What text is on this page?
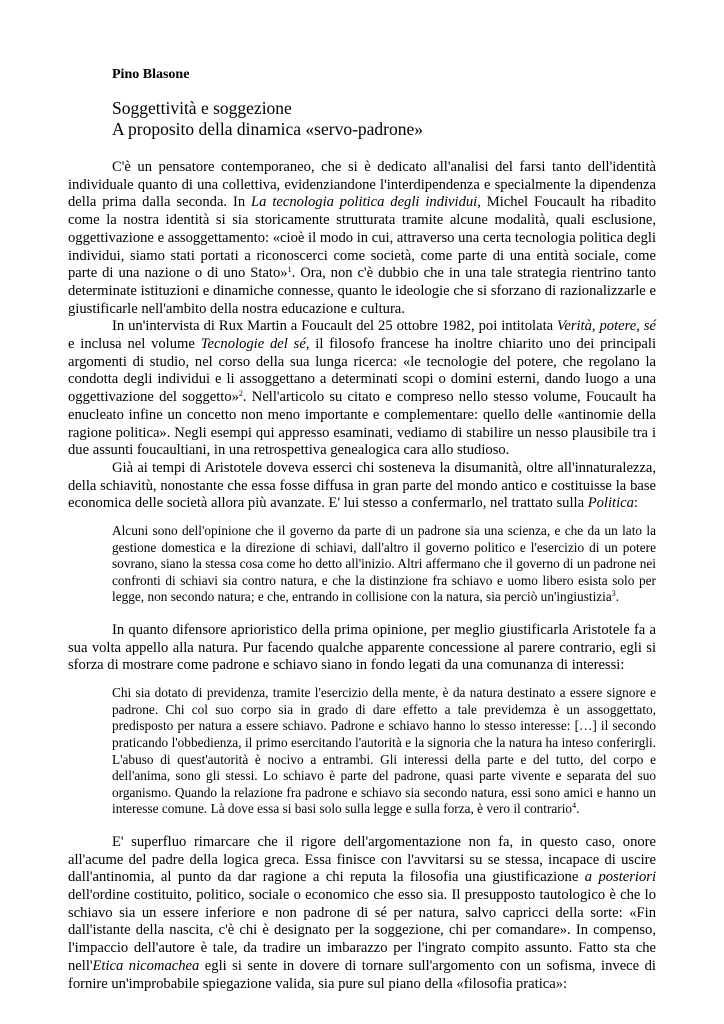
Pino Blasone
Soggettività e soggezione
A proposito della dinamica «servo-padrone»

C'è un pensatore contemporaneo, che si è dedicato all'analisi del farsi tanto dell'identità individuale quanto di una collettiva, evidenziandone l'interdipendenza e specialmente la dipendenza della prima dalla seconda. In La tecnologia politica degli individui, Michel Foucault ha ribadito come la nostra identità si sia storicamente strutturata tramite alcune modalità, quali esclusione, oggettivazione e assoggettamento: «cioè il modo in cui, attraverso una certa tecnologia politica degli individui, siamo stati portati a riconoscerci come società, come parte di una entità sociale, come parte di una nazione o di uno Stato»$^1$. Ora, non c'è dubbio che in una tale strategia rientrino tanto determinate istituzioni e dinamiche connesse, quanto le ideologie che si sforzano di razionalizzarle e giustificarle nell'ambito della nostra educazione e cultura.

In un'intervista di Rux Martin a Foucault del 25 ottobre 1982, poi intitolata Verità, potere, sé e inclusa nel volume Tecnologie del sé, il filosofo francese ha inoltre chiarito uno dei principali argomenti di studio, nel corso della sua lunga ricerca: «le tecnologie del potere, che regolano la condotta degli individui e li assoggettano a determinati scopi o domini esterni, dando luogo a una oggettivazione del soggetto»$^2$. Nell'articolo su citato e compreso nello stesso volume, Foucault ha enucleato infine un concetto non meno importante e complementare: quello delle «antinomie della ragione politica». Negli esempi qui appresso esaminati, vediamo di stabilire un nesso plausibile tra i due assunti foucaultiani, in una retrospettiva genealogica cara allo studioso.

Già ai tempi di Aristotele doveva esserci chi sosteneva la disumanità, oltre all'innaturalezza, della schiavitù, nonostante che essa fosse diffusa in gran parte del mondo antico e costituisse la base economica delle società allora più avanzate. E' lui stesso a confermarlo, nel trattato sulla Politica:

Alcuni sono dell'opinione che il governo da parte di un padrone sia una scienza, e che da un lato la gestione domestica e la direzione di schiavi, dall'altro il governo politico e l'esercizio di un potere sovrano, siano la stessa cosa come ho detto all'inizio. Altri affermano che il governo di un padrone nei confronti di schiavi sia contro natura, e che la distinzione fra schiavo e uomo libero esista solo per legge, non secondo natura; e che, entrando in collisione con la natura, sia perciò un'ingiustizia$^3$.

In quanto difensore aprioristico della prima opinione, per meglio giustificarla Aristotele fa a sua volta appello alla natura. Pur facendo qualche apparente concessione al parere contrario, egli si sforza di mostrare come padrone e schiavo siano in fondo legati da una comunanza di interessi:

Chi sia dotato di previdenza, tramite l'esercizio della mente, è da natura destinato a essere signore e padrone. Chi col suo corpo sia in grado di dare effetto a tale previdemza è un assoggettato, predisposto per natura a essere schiavo. Padrone e schiavo hanno lo stesso interesse: […] il secondo praticando l'obbedienza, il primo esercitando l'autorità e la signoria che la natura ha inteso conferirgli. L'abuso di quest'autorità è nocivo a entrambi. Gli interessi della parte e del tutto, del corpo e dell'anima, sono gli stessi. Lo schiavo è parte del padrone, quasi parte vivente e separata del suo organismo. Quando la relazione fra padrone e schiavo sia secondo natura, essi sono amici e hanno un interesse comune. Là dove essa si basi solo sulla legge e sulla forza, è vero il contrario$^4$.

E' superfluo rimarcare che il rigore dell'argomentazione non fa, in questo caso, onore all'acume del padre della logica greca. Essa finisce con l'avvitarsi su se stessa, incapace di uscire dall'antinomia, al punto da dar ragione a chi reputa la filosofia una giustificazione a posteriori dell'ordine costituito, politico, sociale o economico che esso sia. Il presupposto tautologico è che lo schiavo sia un essere inferiore e non padrone di sé per natura, salvo capricci della sorte: «Fin dall'istante della nascita, c'è chi è designato per la soggezione, chi per comandare». In compenso, l'impaccio dell'autore è tale, da tradire un imbarazzo per l'ingrato compito assunto. Fatto sta che nell'Etica nicomachea egli si sente in dovere di tornare sull'argomento con un sofisma, invece di fornire un'improbabile spiegazione valida, sia pure sul piano della «filosofia pratica»:
